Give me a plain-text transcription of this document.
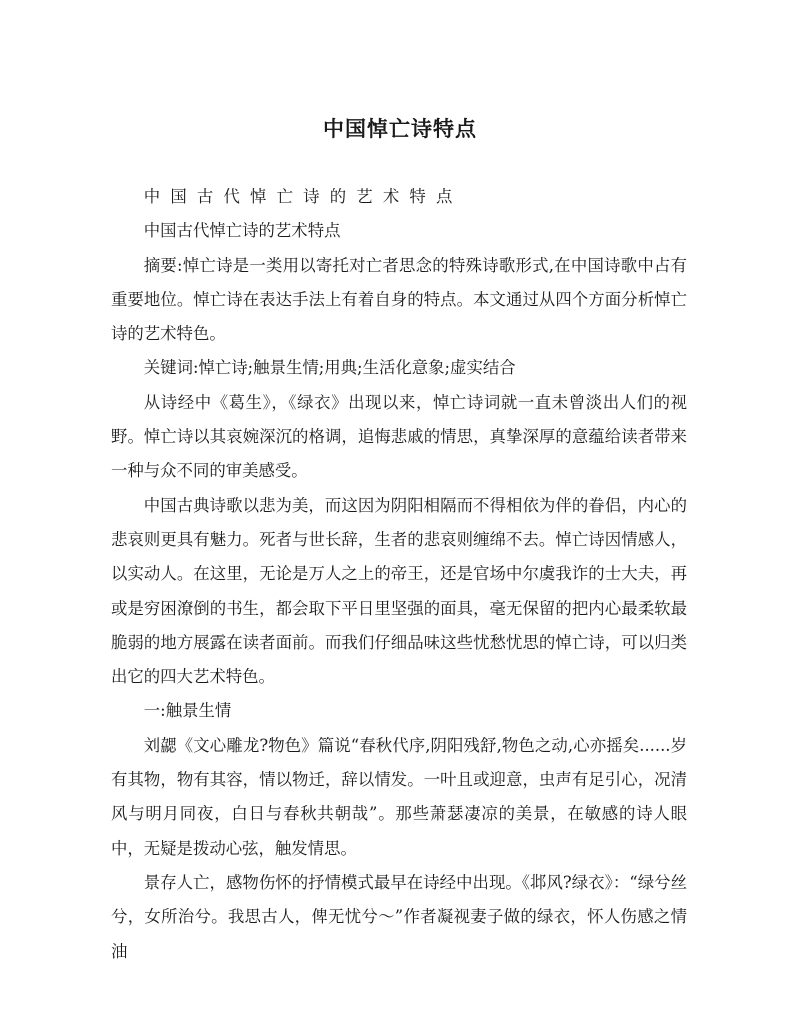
中国悼亡诗特点

中国古代悼亡诗的艺术特点

中国古代悼亡诗的艺术特点

摘要:悼亡诗是一类用以寄托对亡者思念的特殊诗歌形式,在中国诗歌中占有重要地位。悼亡诗在表达手法上有着自身的特点。本文通过从四个方面分析悼亡诗的艺术特色。

关键词:悼亡诗;触景生情;用典;生活化意象;虚实结合

从诗经中《葛生》，《绿衣》出现以来，悼亡诗词就一直未曾淡出人们的视野。悼亡诗以其哀婉深沉的格调，追悔悲戚的情思，真挚深厚的意蕴给读者带来一种与众不同的审美感受。

中国古典诗歌以悲为美，而这因为阴阳相隔而不得相依为伴的眷侣，内心的悲哀则更具有魅力。死者与世长辞，生者的悲哀则缠绵不去。悼亡诗因情感人，以实动人。在这里，无论是万人之上的帝王，还是官场中尔虞我诈的士大夫，再或是穷困潦倒的书生，都会取下平日里坚强的面具，毫无保留的把内心最柔软最脆弱的地方展露在读者面前。而我们仔细品味这些忧愁忧思的悼亡诗，可以归类出它的四大艺术特色。

一:触景生情

刘勰《文心雕龙?物色》篇说“春秋代序,阴阳残舒,物色之动,心亦摇矣......岁有其物，物有其容，情以物迁，辞以情发。一叶且或迎意，虫声有足引心，况清风与明月同夜，白日与春秋共朝哉”。那些萧瑟凄凉的美景，在敏感的诗人眼中，无疑是拨动心弦，触发情思。

景存人亡，感物伤怀的抒情模式最早在诗经中出现。《邶风?绿衣》：“绿兮丝兮，女所治兮。我思古人，俾无忧兮～”作者凝视妻子做的绿衣，怀人伤感之情油
